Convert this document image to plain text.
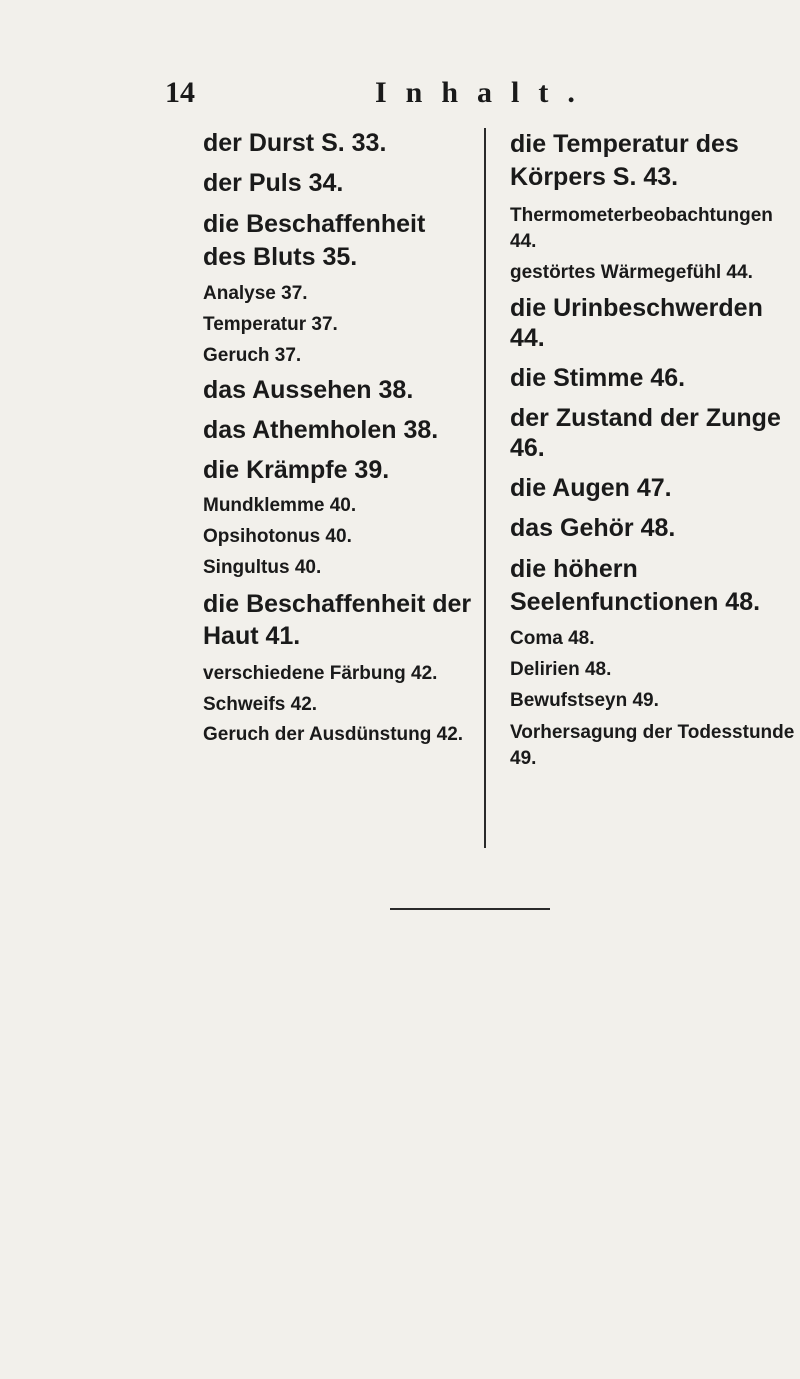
14	Inhalt.
der Durst S. 33.
der Puls 34.
die Beschaffenheit des Bluts 35.
Analyse 37.
Temperatur 37.
Geruch 37.
das Aussehen 38.
das Athemholen 38.
die Krämpfe 39.
Mundklemme 40.
Opsihotonus 40.
Singultus 40.
die Beschaffenheit der Haut 41.
verschiedene Färbung 42.
Schweifs 42.
Geruch der Ausdünstung 42.
die Temperatur des Körpers S. 43.
Thermometerbeobachtungen 44.
gestörtes Wärmegefühl 44.
die Urinbeschwerden 44.
die Stimme 46.
der Zustand der Zunge 46.
die Augen 47.
das Gehör 48.
die höhern Seelenfunctionen 48.
Coma 48.
Delirien 48.
Bewufstseyn 49.
Vorhersagung der Todesstunde 49.
